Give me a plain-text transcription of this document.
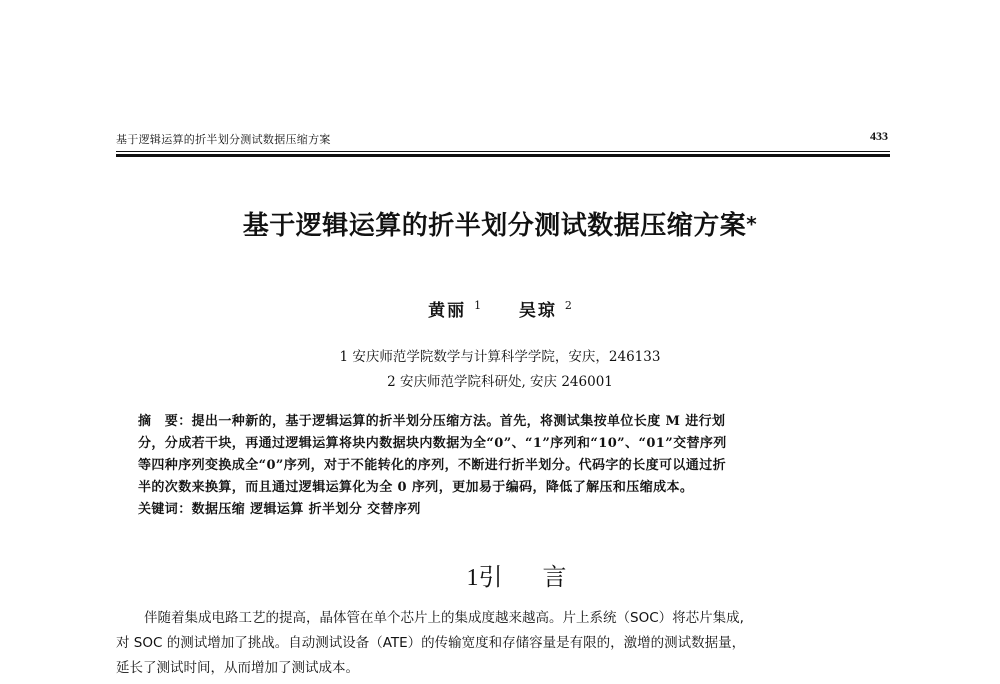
基于逻辑运算的折半划分测试数据压缩方案	433
基于逻辑运算的折半划分测试数据压缩方案*
黄丽 $^1$ 吴琼 $^2$
1 安庆师范学院数学与计算科学学院，安庆，246133
2 安庆师范学院科研处, 安庆 246001
摘　要：提出一种新的，基于逻辑运算的折半划分压缩方法。首先，将测试集按单位长度 M 进行划
分，分成若干块，再通过逻辑运算将块内数据块内数据为全“0”、“1”序列和“10”、“01”交替序列
等四种序列变换成全“0”序列，对于不能转化的序列，不断进行折半划分。代码字的长度可以通过折
半的次数来换算，而且通过逻辑运算化为全 0 序列，更加易于编码，降低了解压和压缩成本。
关键词：数据压缩 逻辑运算 折半划分 交替序列
1引 言
伴随着集成电路工艺的提高，晶体管在单个芯片上的集成度越来越高。片上系统（SOC）将芯片集成,
对 SOC 的测试增加了挑战。自动测试设备（ATE）的传输宽度和存储容量是有限的，激增的测试数据量，
延长了测试时间，从而增加了测试成本。
